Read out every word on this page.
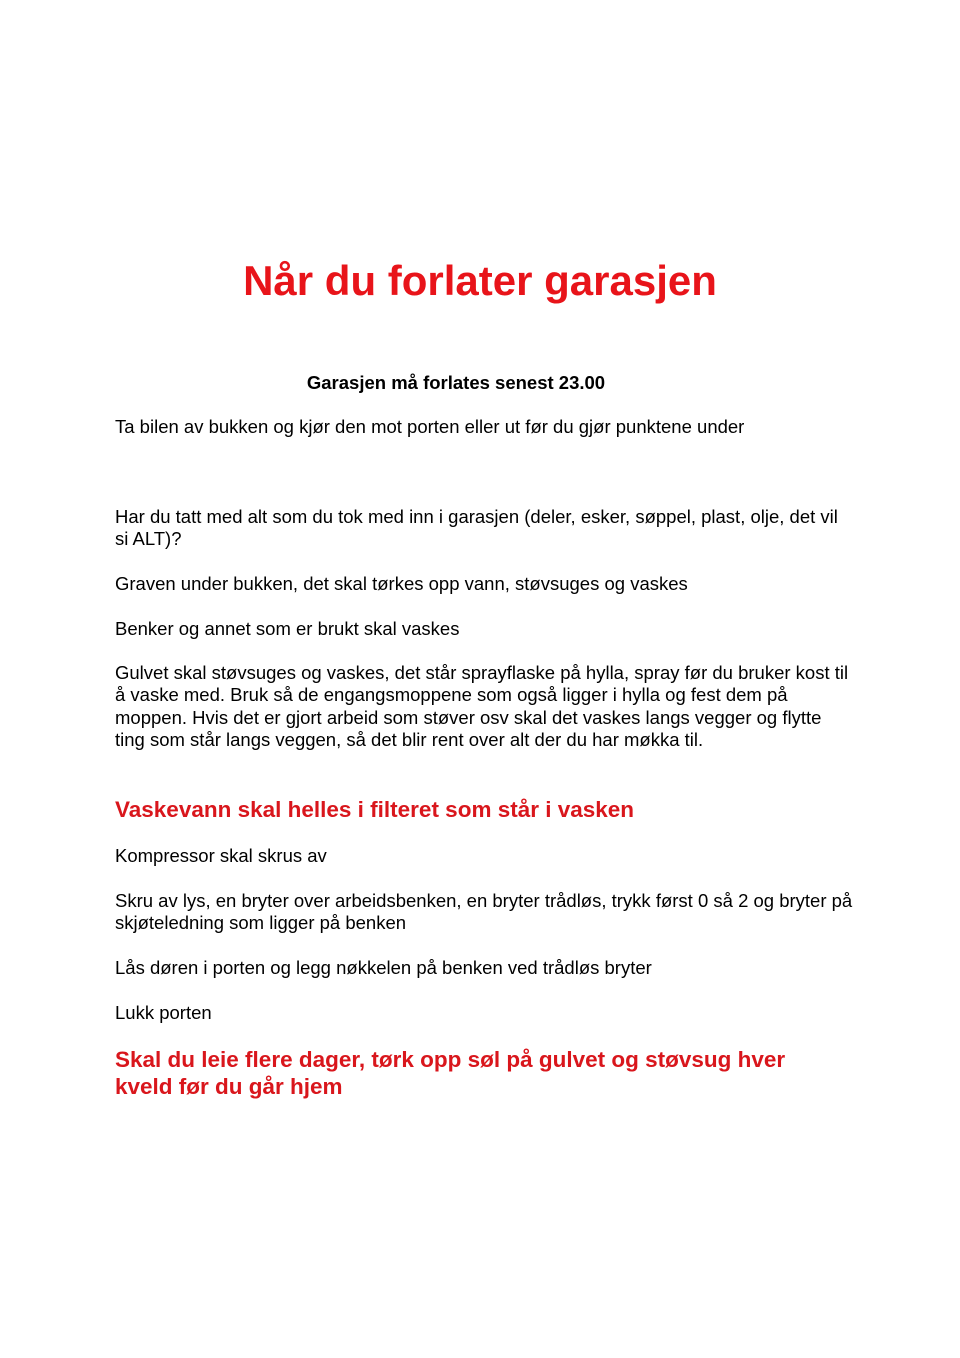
Når du forlater garasjen

Garasjen må forlates senest 23.00

Ta bilen av bukken og kjør den mot porten eller ut før du gjør punktene under

Har du tatt med alt som du tok med inn i garasjen (deler, esker, søppel, plast, olje, det vil si ALT)?

Graven under bukken, det skal tørkes opp vann, støvsuges og vaskes

Benker og annet som er brukt skal vaskes

Gulvet skal støvsuges og vaskes, det står sprayflaske på hylla, spray før du bruker kost til å vaske med. Bruk så de engangsmoppene som også ligger i hylla og fest dem på moppen. Hvis det er gjort arbeid som støver osv skal det vaskes langs vegger og flytte ting som står langs veggen, så det blir rent over alt der du har møkka til.

Vaskevann skal helles i filteret som står i vasken

Kompressor skal skrus av

Skru av lys, en bryter over arbeidsbenken, en bryter trådløs, trykk først 0 så 2 og bryter på skjøteledning som ligger på benken

Lås døren i porten og legg nøkkelen på benken ved trådløs bryter

Lukk porten

Skal du leie flere dager, tørk opp søl på gulvet og støvsug hver kveld før du går hjem
